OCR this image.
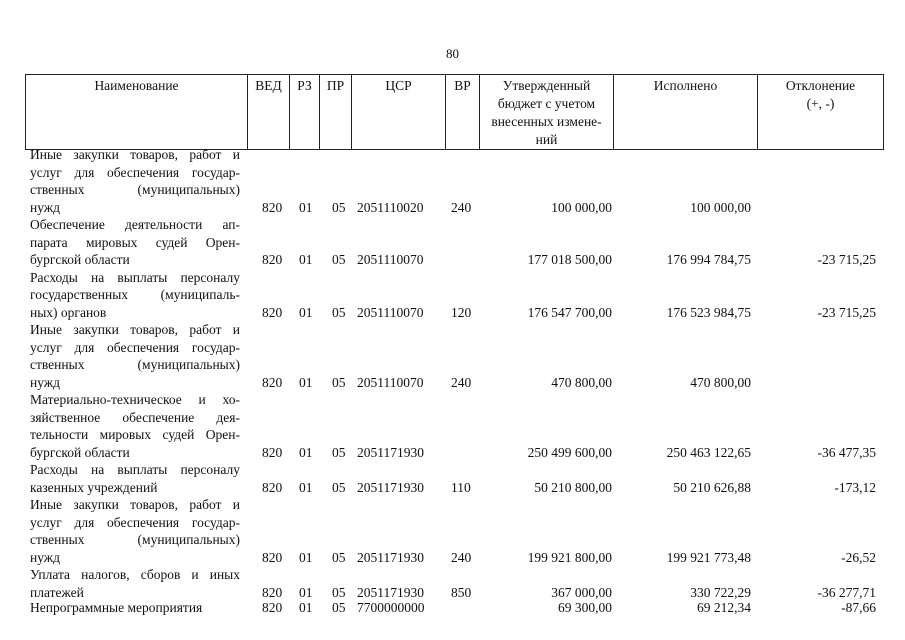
80
Наименование	ВЕД	РЗ	ПР	ЦСР	ВР	Утвержденный
бюджет с учетом
внесенных измене-
ний
	Исполнено	Отклонение
(+, -)
Иные закупки товаров, работ и
услуг для обеспечения государ-
ственных (муниципальных)
нужд	820 01 05 2051110020 240	100 000,00	100 000,00
Обеспечение деятельности ап-
парата мировых судей Орен-
бургской области	820 01 05 2051110070	177 018 500,00	176 994 784,75	-23 715,25
Расходы на выплаты персоналу
государственных (муниципаль-
ных) органов	820 01 05 2051110070 120	176 547 700,00	176 523 984,75	-23 715,25
Иные закупки товаров, работ и
услуг для обеспечения государ-
ственных (муниципальных)
нужд	820 01 05 2051110070 240	470 800,00	470 800,00
Материально-техническое и хо-
зяйственное обеспечение дея-
тельности мировых судей Орен-
бургской области	820 01 05 2051171930	250 499 600,00	250 463 122,65	-36 477,35
Расходы на выплаты персоналу
казенных учреждений	820 01 05 2051171930 110	50 210 800,00	50 210 626,88	-173,12
Иные закупки товаров, работ и
услуг для обеспечения государ-
ственных (муниципальных)
нужд	820 01 05 2051171930 240	199 921 800,00	199 921 773,48	-26,52
Уплата налогов, сборов и иных
платежей	820 01 05 2051171930 850	367 000,00	330 722,29	-36 277,71
Непрограммные мероприятия	820 01 05 7700000000	69 300,00	69 212,34	-87,66
